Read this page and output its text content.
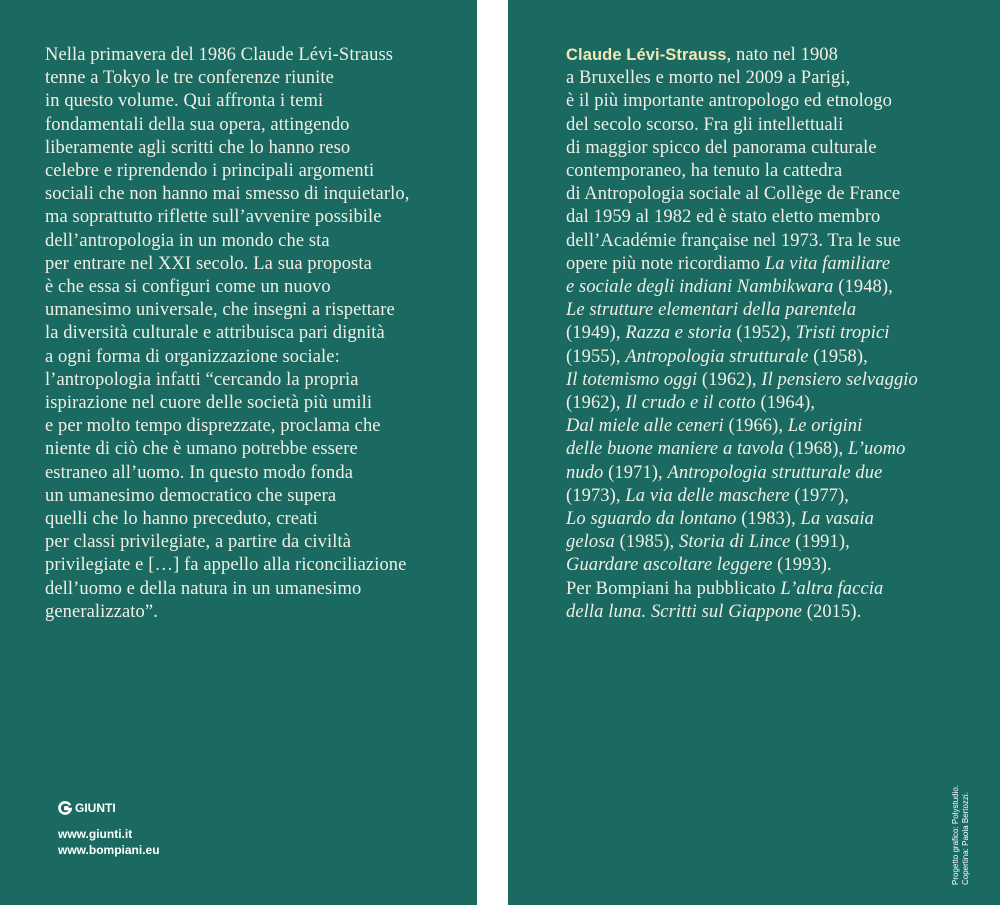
Nella primavera del 1986 Claude Lévi-Strauss
tenne a Tokyo le tre conferenze riunite
in questo volume. Qui affronta i temi
fondamentali della sua opera, attingendo
liberamente agli scritti che lo hanno reso
celebre e riprendendo i principali argomenti
sociali che non hanno mai smesso di inquietarlo,
ma soprattutto riflette sull’avvenire possibile
dell’antropologia in un mondo che sta
per entrare nel XXI secolo. La sua proposta
è che essa si configuri come un nuovo
umanesimo universale, che insegni a rispettare
la diversità culturale e attribuisca pari dignità
a ogni forma di organizzazione sociale:
l’antropologia infatti “cercando la propria
ispirazione nel cuore delle società più umili
e per molto tempo disprezzate, proclama che
niente di ciò che è umano potrebbe essere
estraneo all’uomo. In questo modo fonda
un umanesimo democratico che supera
quelli che lo hanno preceduto, creati
per classi privilegiate, a partire da civiltà
privilegiate e […] fa appello alla riconciliazione
dell’uomo e della natura in un umanesimo
generalizzato”.
Claude Lévi-Strauss, nato nel 1908
a Bruxelles e morto nel 2009 a Parigi,
è il più importante antropologo ed etnologo
del secolo scorso. Fra gli intellettuali
di maggior spicco del panorama culturale
contemporaneo, ha tenuto la cattedra
di Antropologia sociale al Collège de France
dal 1959 al 1982 ed è stato eletto membro
dell’Académie française nel 1973. Tra le sue
opere più note ricordiamo La vita familiare
e sociale degli indiani Nambikwara (1948),
Le strutture elementari della parentela
(1949), Razza e storia (1952), Tristi tropici
(1955), Antropologia strutturale (1958),
Il totemismo oggi (1962), Il pensiero selvaggio
(1962), Il crudo e il cotto (1964),
Dal miele alle ceneri (1966), Le origini
delle buone maniere a tavola (1968), L’uomo
nudo (1971), Antropologia strutturale due
(1973), La via delle maschere (1977),
Lo sguardo da lontano (1983), La vasaia
gelosa (1985), Storia di Lince (1991),
Guardare ascoltare leggere (1993).
Per Bompiani ha pubblicato L’altra faccia
della luna. Scritti sul Giappone (2015).
GIUNTI
www.giunti.it
www.bompiani.eu	Progetto grafico: Polystudio. Copertina: Paola Bertozzi.
